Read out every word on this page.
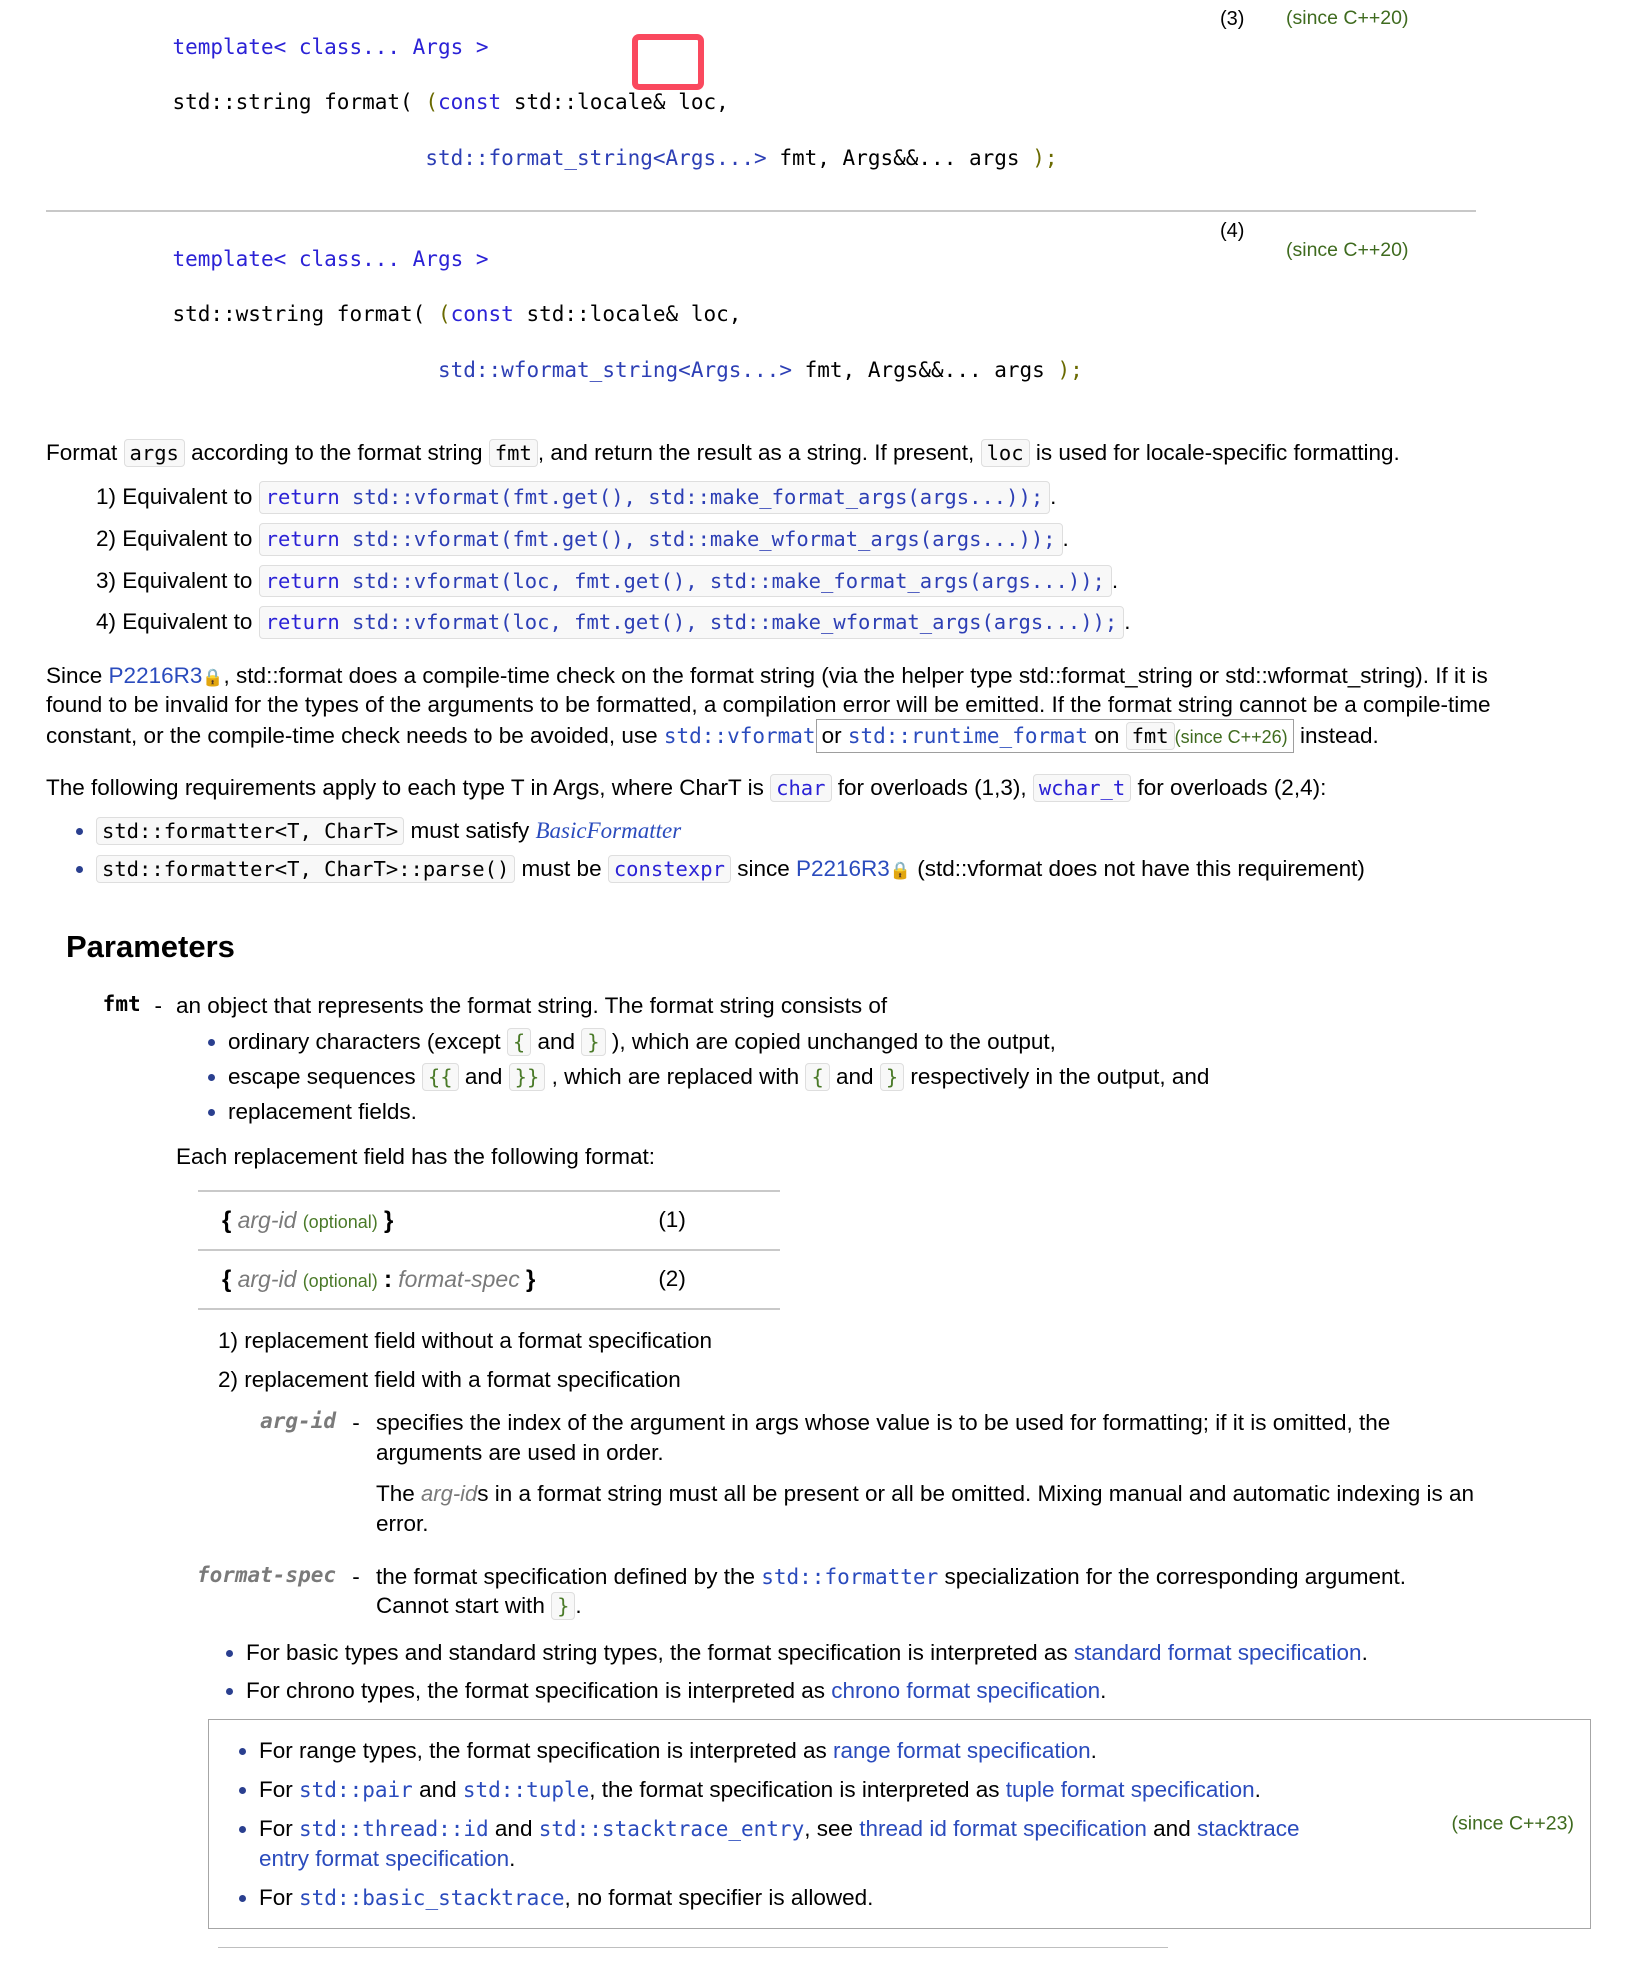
template< class... Args >

std::string format( (const std::locale& loc,

std::format_string<Args...> fmt, Args&&... args );	(3)	(since C++20)

template< class... Args >

std::wstring format( (const std::locale& loc,

std::wformat_string<Args...> fmt, Args&&... args );	(4)	(since C++20)

Format args according to the format string fmt , and return the result as a string. If present, loc is used for locale-specific formatting.

1) Equivalent to return std::vformat(fmt.get(), std::make_format_args(args...)); .
2) Equivalent to return std::vformat(fmt.get(), std::make_wformat_args(args...)); .
3) Equivalent to return std::vformat(loc, fmt.get(), std::make_format_args(args...)); .
4) Equivalent to return std::vformat(loc, fmt.get(), std::make_wformat_args(args...)); .

Since P2216R3🔒, std::format does a compile-time check on the format string (via the helper type std::format_string or std::wformat_string). If it is found to be invalid for the types of the arguments to be formatted, a compilation error will be emitted. If the format string cannot be a compile-time constant, or the compile-time check needs to be avoided, use std::vformat or std::runtime_format on fmt (since C++26) instead.

The following requirements apply to each type T in Args, where CharT is char for overloads (1,3), wchar_t for overloads (2,4):

std::formatter<T, CharT> must satisfy BasicFormatter
std::formatter<T, CharT>::parse() must be constexpr since P2216R3🔒 (std::vformat does not have this requirement)
Parameters
fmt	-	an object that represents the format string. The format string consists of
ordinary characters (except { and } ), which are copied unchanged to the output,
escape sequences {{ and }} , which are replaced with { and } respectively in the output, and
replacement fields.
Each replacement field has the following format:
{ arg-id (optional) }	(1)
{ arg-id (optional) : format-spec }	(2)
1) replacement field without a format specification
2) replacement field with a format specification
arg-id	-	specifies the index of the argument in args whose value is to be used for formatting; if it is omitted, the arguments are used in order.
The arg-ids in a format string must all be present or all be omitted. Mixing manual and automatic indexing is an error.
format-spec	-	the format specification defined by the std::formatter specialization for the corresponding argument. Cannot start with } .
For basic types and standard string types, the format specification is interpreted as standard format specification.
For chrono types, the format specification is interpreted as chrono format specification.
(since C++23)
For range types, the format specification is interpreted as range format specification.
For std::pair and std::tuple, the format specification is interpreted as tuple format specification.
For std::thread::id and std::stacktrace_entry, see thread id format specification and stacktrace entry format specification.
For std::basic_stacktrace, no format specifier is allowed.
